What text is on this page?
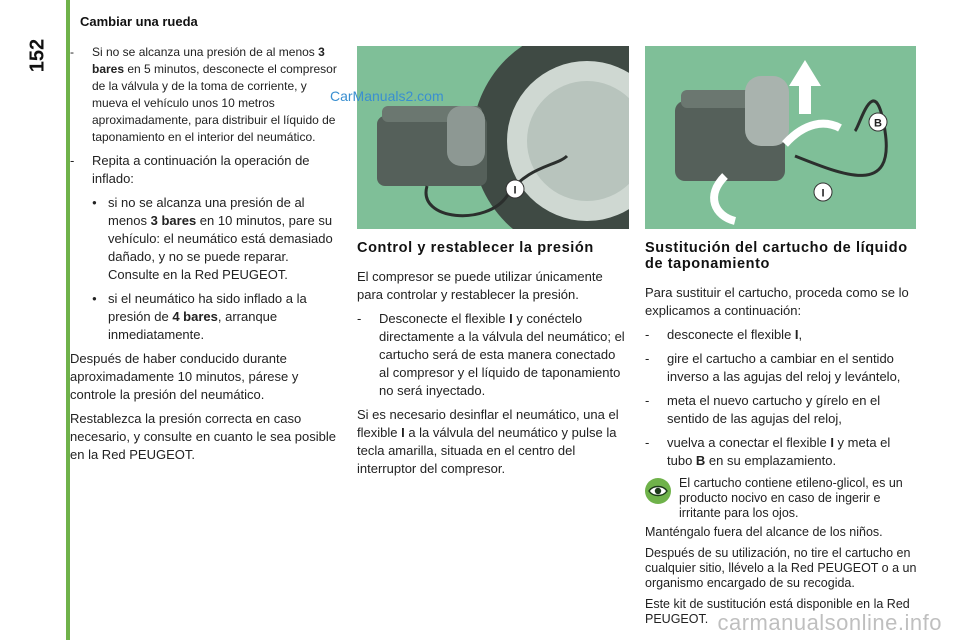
Cambiar una rueda
152
-	Si no se alcanza una presión de al menos 3 bares en 5 minutos, desconecte el compresor de la válvula y de la toma de corriente, y mueva el vehículo unos 10 metros aproximadamente, para distribuir el líquido de taponamiento en el interior del neumático.
- Repita a continuación la operación de inflado:
● si no se alcanza una presión de al menos 3 bares en 10 minutos, pare su vehículo: el neumático está demasiado dañado, y no se puede reparar. Consulte en la Red PEUGEOT.
● si el neumático ha sido inflado a la presión de 4 bares, arranque inmediatamente.

Después de haber conducido durante aproximadamente 10 minutos, párese y controle la presión del neumático.

Restablezca la presión correcta en caso necesario, y consulte en cuanto le sea posible en la Red PEUGEOT.

I
B
I
CarManuals2.com
Control y restablecer la presión

El compresor se puede utilizar únicamente para controlar y restablecer la presión.

- Desconecte el flexible I y conéctelo directamente a la válvula del neumático; el cartucho será de esta manera conectado al compresor y el líquido de taponamiento no será inyectado.

Si es necesario desinflar el neumático, una el flexible I a la válvula del neumático y pulse la tecla amarilla, situada en el centro del interruptor del compresor.

Sustitución del cartucho de líquido de taponamiento

Para sustituir el cartucho, proceda como se lo explicamos a continuación:

- desconecte el flexible I,
- gire el cartucho a cambiar en el sentido inverso a las agujas del reloj y levántelo,
- meta el nuevo cartucho y gírelo en el sentido de las agujas del reloj,
- vuelva a conectar el flexible I y meta el tubo B en su emplazamiento.
El cartucho contiene etileno-glicol, es un producto nocivo en caso de ingerir e irritante para los ojos.

Manténgalo fuera del alcance de los niños.

Después de su utilización, no tire el cartucho en cualquier sitio, llévelo a la Red PEUGEOT o a un organismo encargado de su recogida.

Este kit de sustitución está disponible en la Red PEUGEOT. carmanualsonline.info
